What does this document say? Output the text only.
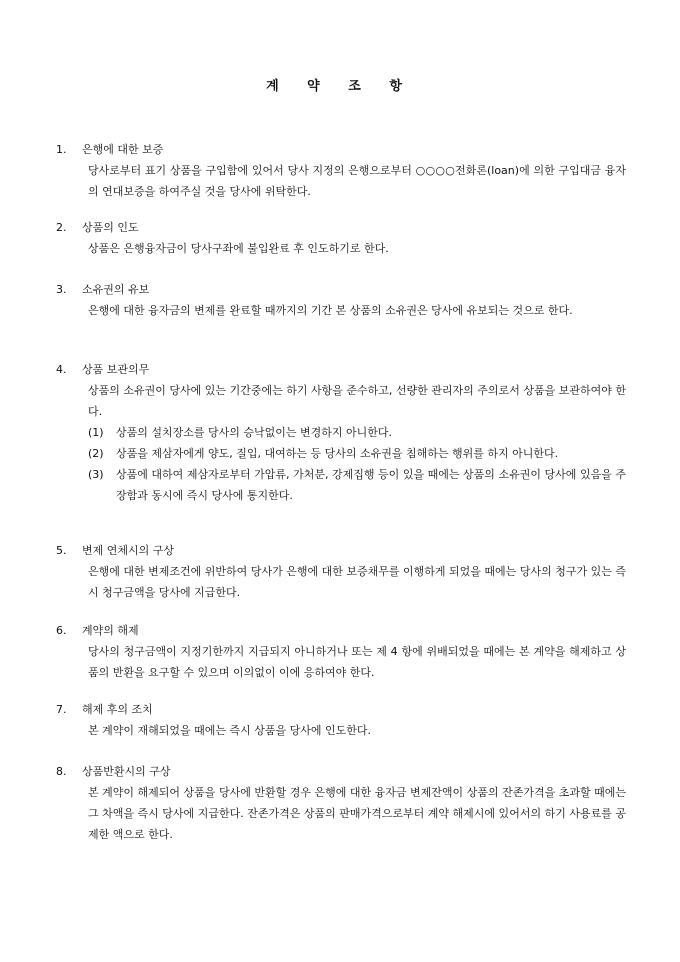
계 약 조 항
1.	은행에 대한 보증
당사로부터 표기 상품을 구입함에 있어서 당사 지정의 은행으로부터 ○○○○전화론(loan)에 의한 구입대금 융자의 연대보증을 하여주실 것을 당사에 위탁한다.
2.	상품의 인도
상품은 은행융자금이 당사구좌에 불입완료 후 인도하기로 한다.
3.	소유권의 유보
은행에 대한 융자금의 변제를 완료할 때까지의 기간 본 상품의 소유권은 당사에 유보되는 것으로 한다.
4.	상품 보관의무
상품의 소유권이 당사에 있는 기간중에는 하기 사항을 준수하고, 선량한 관리자의 주의로서 상품을 보관하여야 한다.
(1)	상품의 설치장소를 당사의 승낙없이는 변경하지 아니한다.
(2)	상품을 제삼자에게 양도, 질입, 대여하는 등 당사의 소유권을 침해하는 행위를 하지 아니한다.
(3)	상품에 대하여 제삼자로부터 가압류, 가처분, 강제집행 등이 있을 때에는 상품의 소유권이 당사에 있음을 주장함과 동시에 즉시 당사에 통지한다.
5.	변제 연체시의 구상
은행에 대한 변제조건에 위반하여 당사가 은행에 대한 보증채무를 이행하게 되었을 때에는 당사의 청구가 있는 즉시 청구금액을 당사에 지급한다.
6.	계약의 해제
당사의 청구금액이 지정기한까지 지급되지 아니하거나 또는 제 4 항에 위배되었을 때에는 본 계약을 해제하고 상품의 반환을 요구할 수 있으며 이의없이 이에 응하여야 한다.
7.	해제 후의 조치
본 계약이 재해되었을 때에는 즉시 상품을 당사에 인도한다.
8.	상품반환시의 구상
본 계약이 해제되어 상품을 당사에 반환할 경우 은행에 대한 융자금 변제잔액이 상품의 잔존가격을 초과할 때에는 그 차액을 즉시 당사에 지급한다. 잔존가격은 상품의 판매가격으로부터 계약 해제시에 있어서의 하기 사용료를 공제한 액으로 한다.
